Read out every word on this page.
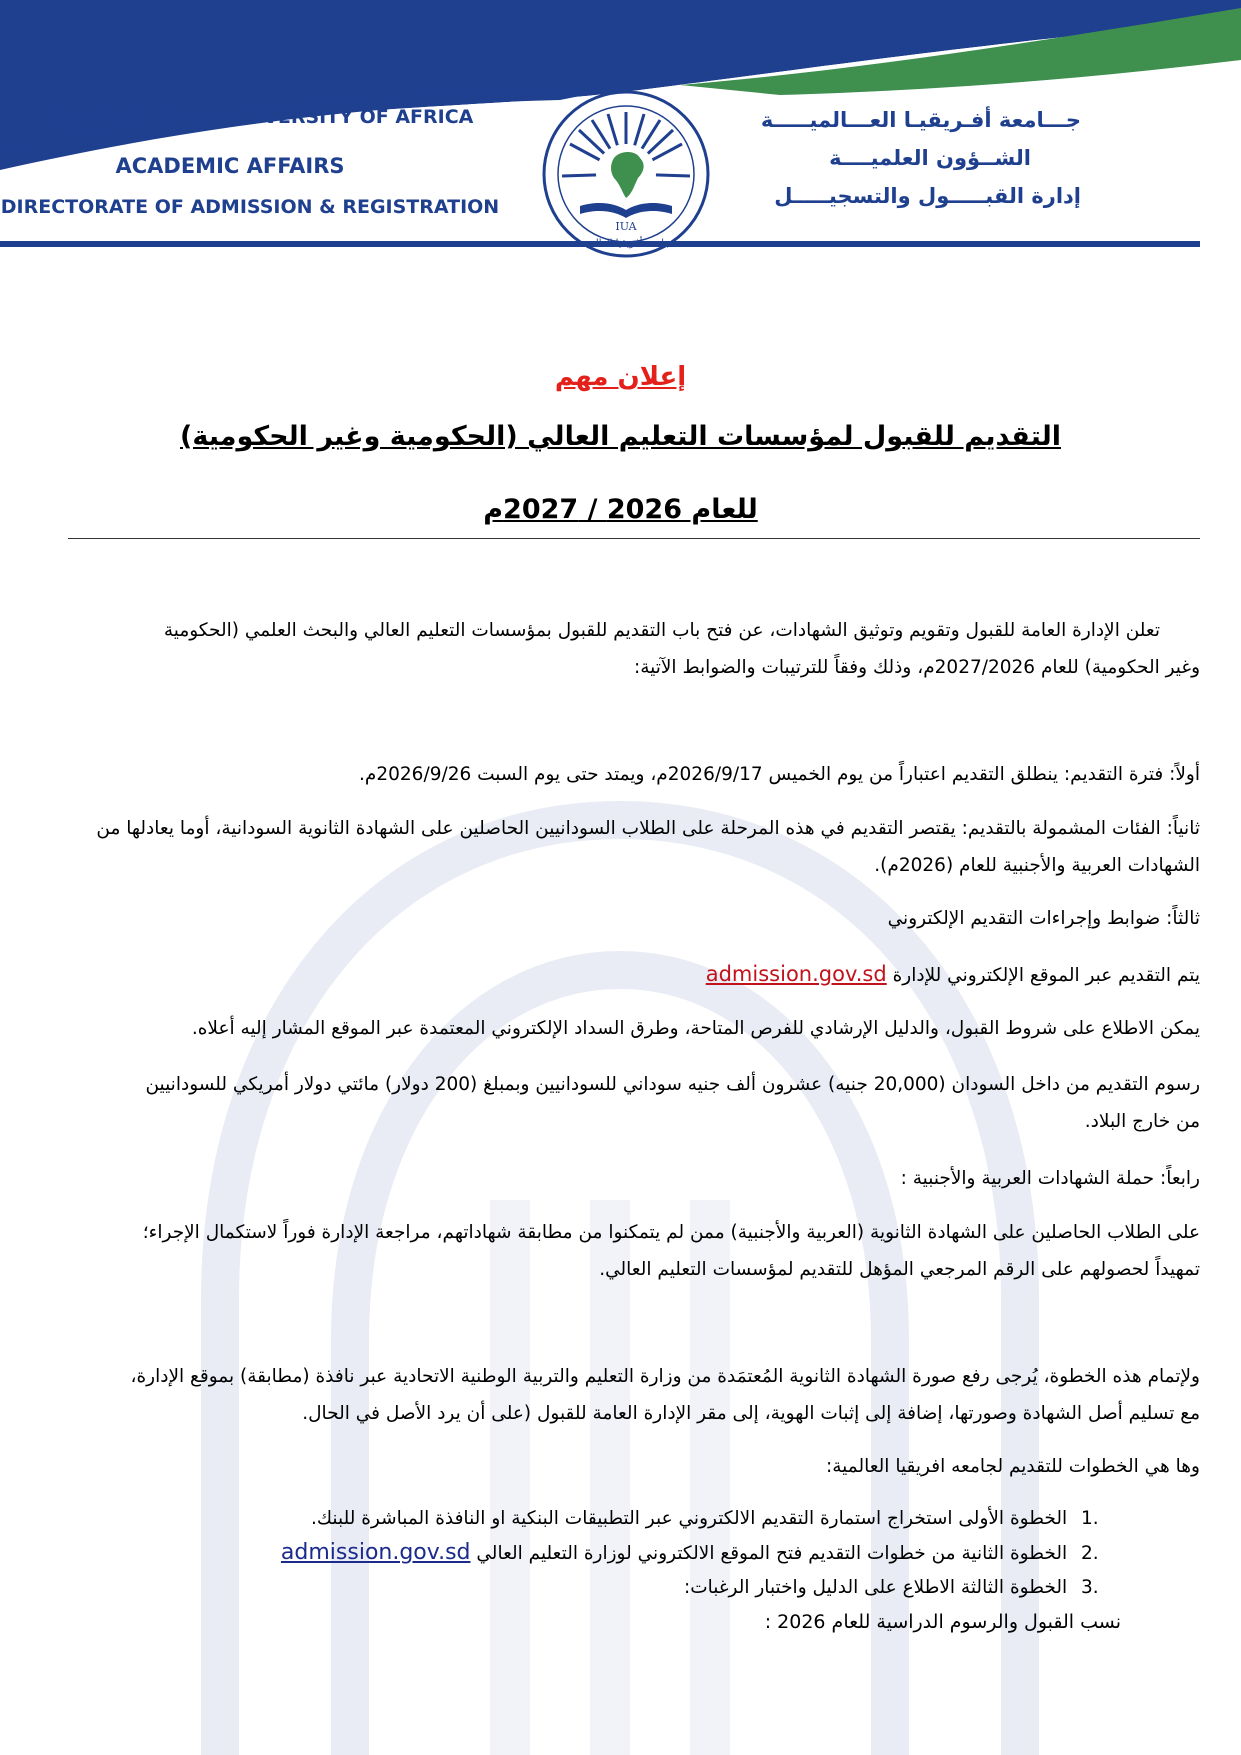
INTERNATIONAL UNIVERSITY OF AFRICA
ACADEMIC AFFAIRS
DIRECTORATE OF ADMISSION & REGISTRATION
IUA
جـــامعة أفـريقيـا العـــالميـــــة
الشــؤون العلميــــة
إدارة القبـــــول والتسجيـــــل
إعلان مهم
التقديم للقبول لمؤسسات التعليم العالي (الحكومية وغير الحكومية)
للعام 2026 / 2027م
تعلن الإدارة العامة للقبول وتقويم وتوثيق الشهادات، عن فتح باب التقديم للقبول بمؤسسات التعليم العالي والبحث العلمي (الحكومية
وغير الحكومية) للعام 2027/2026م، وذلك وفقاً للترتيبات والضوابط الآتية:
أولاً: فترة التقديم: ينطلق التقديم اعتباراً من يوم الخميس 2026/9/17م، ويمتد حتى يوم السبت 2026/9/26م.
ثانياً: الفئات المشمولة بالتقديم: يقتصر التقديم في هذه المرحلة على الطلاب السودانيين الحاصلين على الشهادة الثانوية السودانية، أوما يعادلها من
الشهادات العربية والأجنبية للعام (2026م).
ثالثاً: ضوابط وإجراءات التقديم الإلكتروني
يتم التقديم عبر الموقع الإلكتروني للإدارة admission.gov.sd
يمكن الاطلاع على شروط القبول، والدليل الإرشادي للفرص المتاحة، وطرق السداد الإلكتروني المعتمدة عبر الموقع المشار إليه أعلاه.
رسوم التقديم من داخل السودان (20,000 جنيه) عشرون ألف جنيه سوداني للسودانيين وبمبلغ (200 دولار) مائتي دولار أمريكي للسودانيين
من خارج البلاد.
رابعاً: حملة الشهادات العربية والأجنبية :
على الطلاب الحاصلين على الشهادة الثانوية (العربية والأجنبية) ممن لم يتمكنوا من مطابقة شهاداتهم، مراجعة الإدارة فوراً لاستكمال الإجراء؛
تمهيداً لحصولهم على الرقم المرجعي المؤهل للتقديم لمؤسسات التعليم العالي.
ولإتمام هذه الخطوة، يُرجى رفع صورة الشهادة الثانوية المُعتمَدة من وزارة التعليم والتربية الوطنية الاتحادية عبر نافذة (مطابقة) بموقع الإدارة،
مع تسليم أصل الشهادة وصورتها، إضافة إلى إثبات الهوية، إلى مقر الإدارة العامة للقبول (على أن يرد الأصل في الحال.
وها هي الخطوات للتقديم لجامعه افريقيا العالمية:
1. الخطوة الأولى استخراج استمارة التقديم الالكتروني عبر التطبيقات البنكية او النافذة المباشرة للبنك.
2. الخطوة الثانية من خطوات التقديم فتح الموقع الالكتروني لوزارة التعليم العالي admission.gov.sd
3. الخطوة الثالثة الاطلاع على الدليل واختبار الرغبات:
نسب القبول والرسوم الدراسية للعام 2026 :
